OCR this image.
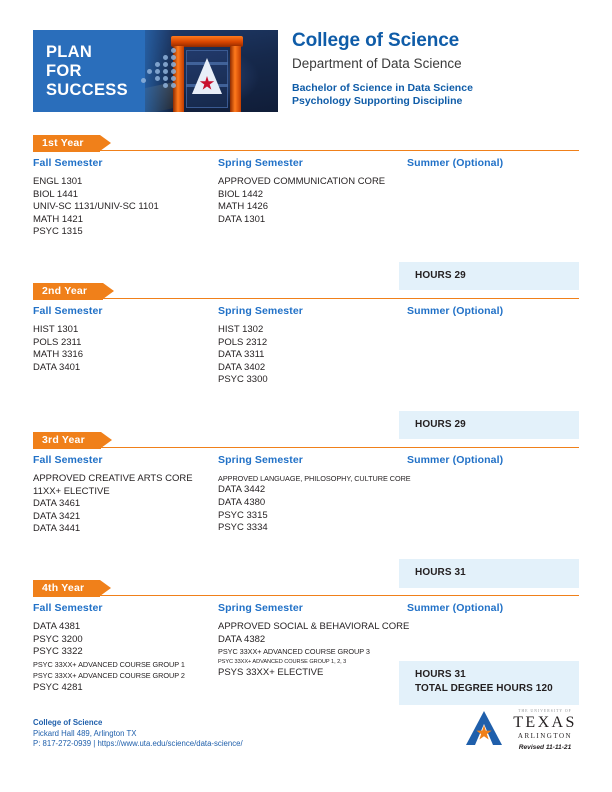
PLAN
FOR
SUCCESS
College of Science
Department of Data Science
Bachelor of Science in Data Science
Psychology Supporting Discipline
1st Year
Fall Semester
ENGL 1301
BIOL 1441
UNIV-SC 1131/UNIV-SC 1101
MATH 1421
PSYC 1315
Spring Semester
APPROVED COMMUNICATION CORE
BIOL 1442
MATH 1426
DATA 1301
Summer (Optional)
2nd Year
Fall Semester
HIST 1301
POLS 2311
MATH 3316
DATA 3401
Spring Semester
HIST 1302
POLS 2312
DATA 3311
DATA 3402
PSYC 3300
Summer (Optional)
3rd Year
Fall Semester
APPROVED CREATIVE ARTS CORE
11XX+ ELECTIVE
DATA 3461
DATA 3421
DATA 3441
Spring Semester
APPROVED LANGUAGE, PHILOSOPHY, CULTURE CORE
DATA 3442
DATA 4380
PSYC 3315
PSYC 3334
Summer (Optional)
4th Year
Fall Semester
DATA 4381
PSYC 3200
PSYC 3322
PSYC 33XX+ ADVANCED COURSE GROUP 1
PSYC 33XX+ ADVANCED COURSE GROUP 2
PSYC 4281
Spring Semester
APPROVED SOCIAL & BEHAVIORAL CORE
DATA 4382
PSYC 33XX+ ADVANCED COURSE GROUP 3
PSYC 33XX+ ADVANCED COURSE GROUP 1, 2, 3
PSYS 33XX+ ELECTIVE
Summer (Optional)
HOURS 29
HOURS 29
HOURS 31
HOURS 31
TOTAL DEGREE HOURS 120
College of Science
Pickard Hall 489, Arlington TX
P: 817-272-0939 | https://www.uta.edu/science/data-science/
THE UNIVERSITY OF
TEXAS
ARLINGTON
Revised 11-11-21
